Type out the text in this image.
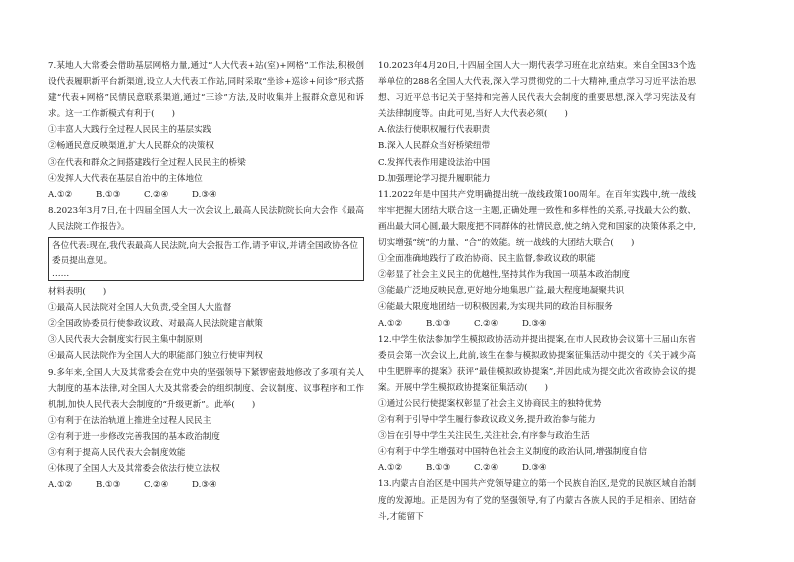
7.某地人大常委会借助基层网格力量,通过“人大代表+站(室)+网格”工作法,积极创设代表履职新平台新渠道,设立人大代表工作站,同时采取“坐诊+巡诊+问诊”形式搭建“代表+网格”民情民意联系渠道,通过“三诊”方法,及时收集并上报群众意见和诉求。这一工作新模式有利于(　　)

①丰富人大践行全过程人民民主的基层实践

②畅通民意反映渠道,扩大人民群众的决策权

③在代表和群众之间搭建践行全过程人民民主的桥梁

④发挥人大代表在基层自治中的主体地位

A.①②	B.①③	C.②④	D.③④

8.2023年3月7日,在十四届全国人大一次会议上,最高人民法院院长向大会作《最高人民法院工作报告》。

各位代表:现在,我代表最高人民法院,向大会报告工作,请予审议,并请全国政协各位委员提出意见。
……

材料表明(　　)

①最高人民法院对全国人大负责,受全国人大监督

②全国政协委员行使参政议政、对最高人民法院建言献策

③人民代表大会制度实行民主集中制原则

④最高人民法院作为全国人大的职能部门独立行使审判权

9.多年来,全国人大及其常委会在党中央的坚强领导下紧锣密鼓地修改了多项有关人大制度的基本法律,对全国人大及其常委会的组织制度、会议制度、议事程序和工作机制,加快人民代表大会制度的“升级更新”。此举(　　)

①有利于在法治轨道上推进全过程人民民主

②有利于进一步修改完善我国的基本政治制度

③有利于提高人民代表大会制度效能

④体现了全国人大及其常委会依法行使立法权

A.①②	B.①③	C.②④	D.③④

10.2023年4月20日,十四届全国人大一期代表学习班在北京结束。来自全国33个选举单位的288名全国人大代表,深入学习贯彻党的二十大精神,重点学习习近平法治思想、习近平总书记关于坚持和完善人民代表大会制度的重要思想,深入学习宪法及有关法律制度等。由此可见,当好人大代表必须(　　)

A.依法行使职权履行代表职责

B.深入人民群众当好桥梁纽带

C.发挥代表作用建设法治中国

D.加强理论学习提升履职能力

11.2022年是中国共产党明确提出统一战线政策100周年。在百年实践中,统一战线牢牢把握大团结大联合这一主题,正确处理一致性和多样性的关系,寻找最大公约数、画出最大同心圆,最大限度把不同群体的社情民意,使之纳入党和国家的决策体系之中,切实增强“统”的力量、“合”的效能。统一战线的大团结大联合(　　)

①全面准确地践行了政治协商、民主监督,参政议政的职能

②彰显了社会主义民主的优越性,坚持其作为我国一项基本政治制度

③能最广泛地反映民意,更好地分地集思广益,最大程度地凝聚共识

④能最大限度地团结一切积极因素,为实现共同的政治目标服务

A.①②	B.①③	C.②④	D.③④

12.中学生依法参加学生模拟政协活动并提出提案,在市人民政协会议第十三届山东省委员会第一次会议上,此前,该生在参与模拟政协提案征集活动中提交的《关于减少高中生肥胖率的提案》获评“最佳模拟政协提案”,并因此成为提交此次省政协会议的提案。开展中学生模拟政协提案征集活动(　　)

①通过公民行使提案权彰显了社会主义协商民主的独特优势

②有利于引导中学生履行参政议政义务,提升政治参与能力

③旨在引导中学生关注民生,关注社会,有序参与政治生活

④有利于中学生增强对中国特色社会主义制度的政治认同,增强制度自信

A.①②	B.①③	C.②④	D.③④

13.内蒙古自治区是中国共产党领导建立的第一个民族自治区,是党的民族区域自治制度的发源地。正是因为有了党的坚强领导,有了内蒙古各族人民的手足相亲、团结奋斗,才能留下
